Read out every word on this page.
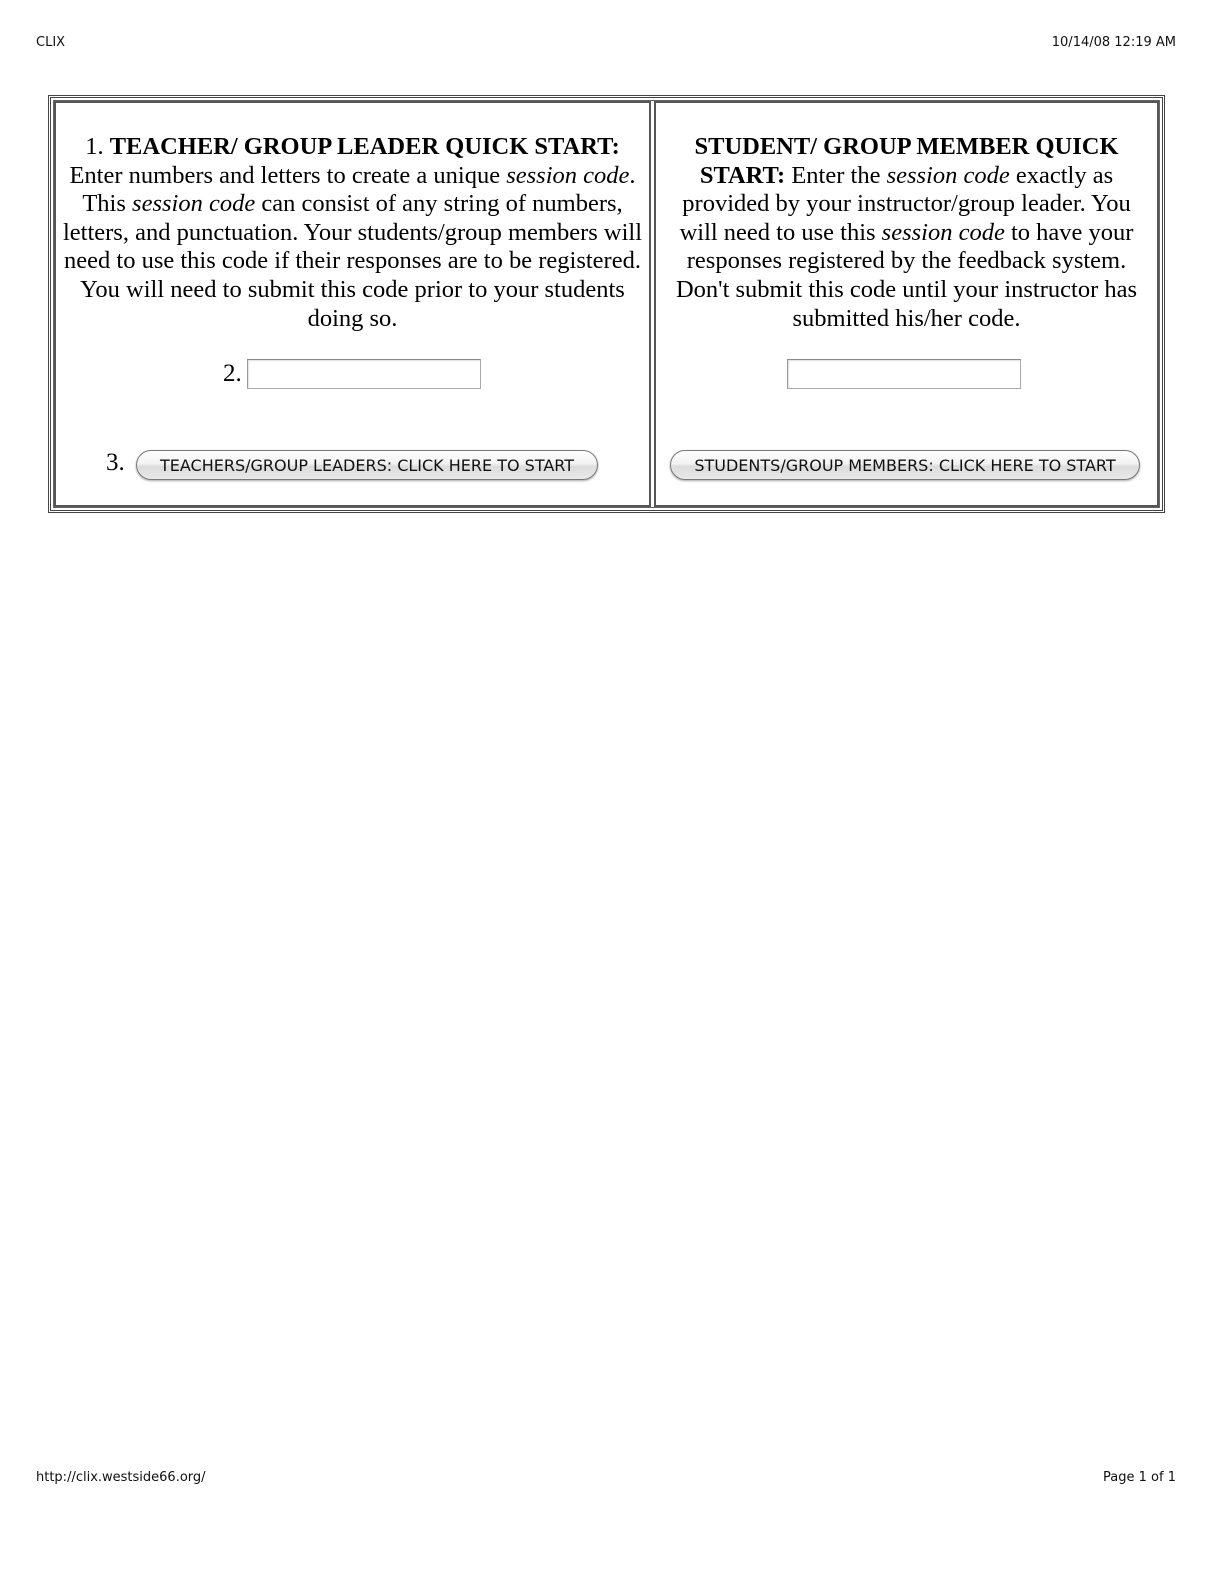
CLIX	10/14/08 12:19 AM
1. TEACHER/ GROUP LEADER QUICK START: Enter numbers and letters to create a unique session code. This session code can consist of any string of numbers, letters, and punctuation. Your students/group members will need to use this code if their responses are to be registered. You will need to submit this code prior to your students doing so.
2.
3.	TEACHERS/GROUP LEADERS: CLICK HERE TO START
STUDENT/ GROUP MEMBER QUICK START: Enter the session code exactly as provided by your instructor/group leader. You will need to use this session code to have your responses registered by the feedback system. Don't submit this code until your instructor has submitted his/her code.
STUDENTS/GROUP MEMBERS: CLICK HERE TO START
http://clix.westside66.org/	Page 1 of 1
